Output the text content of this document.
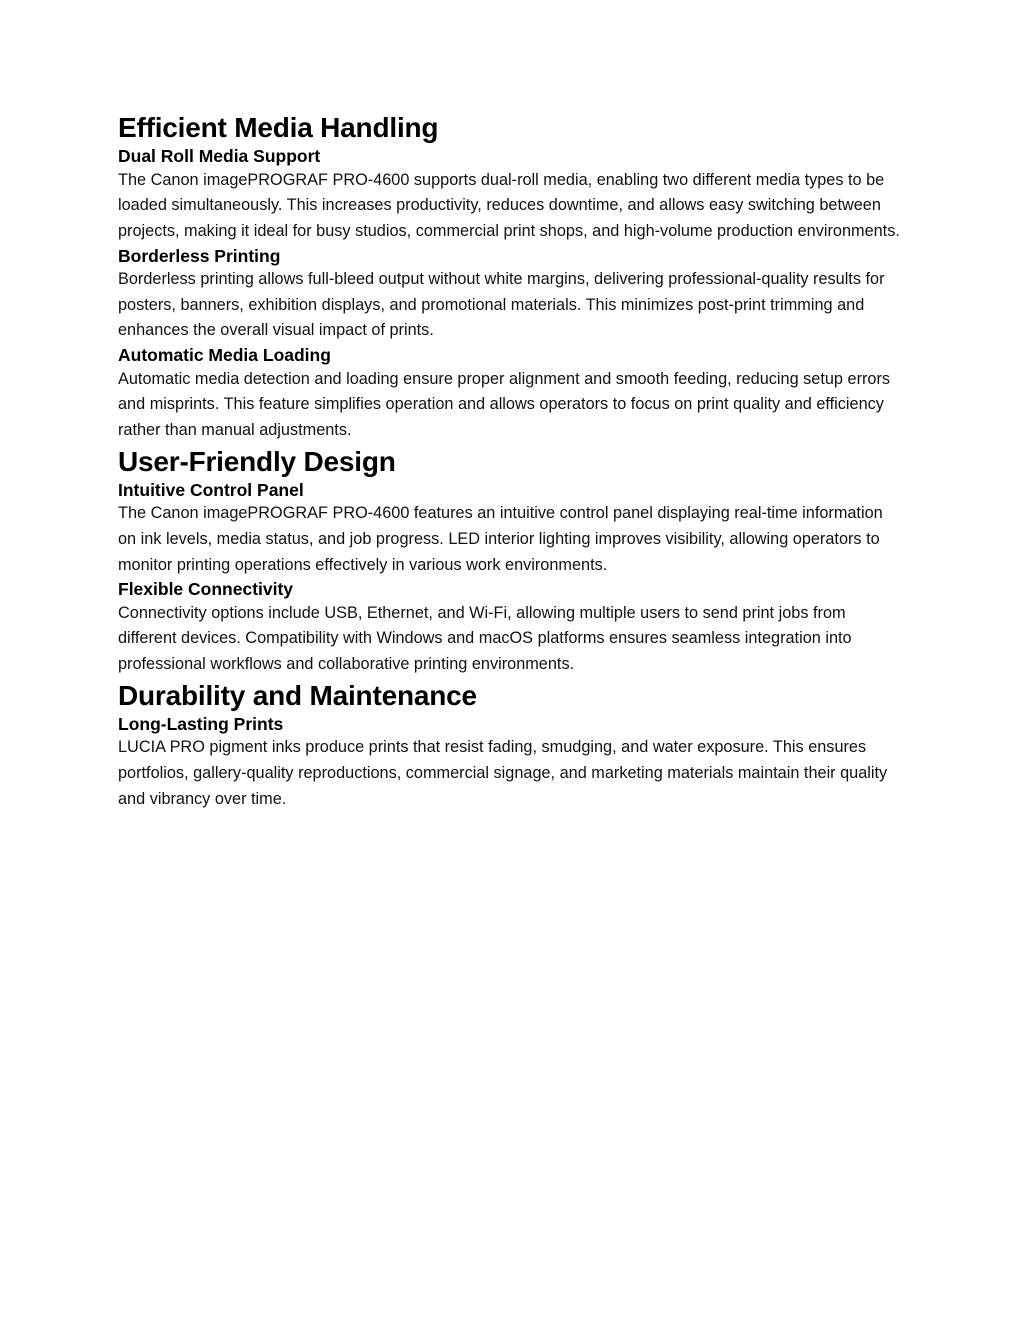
Efficient Media Handling
Dual Roll Media Support

The Canon imagePROGRAF PRO-4600 supports dual-roll media, enabling two different media types to be loaded simultaneously. This increases productivity, reduces downtime, and allows easy switching between projects, making it ideal for busy studios, commercial print shops, and high-volume production environments.

Borderless Printing

Borderless printing allows full-bleed output without white margins, delivering professional-quality results for posters, banners, exhibition displays, and promotional materials. This minimizes post-print trimming and enhances the overall visual impact of prints.

Automatic Media Loading

Automatic media detection and loading ensure proper alignment and smooth feeding, reducing setup errors and misprints. This feature simplifies operation and allows operators to focus on print quality and efficiency rather than manual adjustments.

User-Friendly Design
Intuitive Control Panel

The Canon imagePROGRAF PRO-4600 features an intuitive control panel displaying real-time information on ink levels, media status, and job progress. LED interior lighting improves visibility, allowing operators to monitor printing operations effectively in various work environments.

Flexible Connectivity

Connectivity options include USB, Ethernet, and Wi-Fi, allowing multiple users to send print jobs from different devices. Compatibility with Windows and macOS platforms ensures seamless integration into professional workflows and collaborative printing environments.

Durability and Maintenance
Long-Lasting Prints

LUCIA PRO pigment inks produce prints that resist fading, smudging, and water exposure. This ensures portfolios, gallery-quality reproductions, commercial signage, and marketing materials maintain their quality and vibrancy over time.
